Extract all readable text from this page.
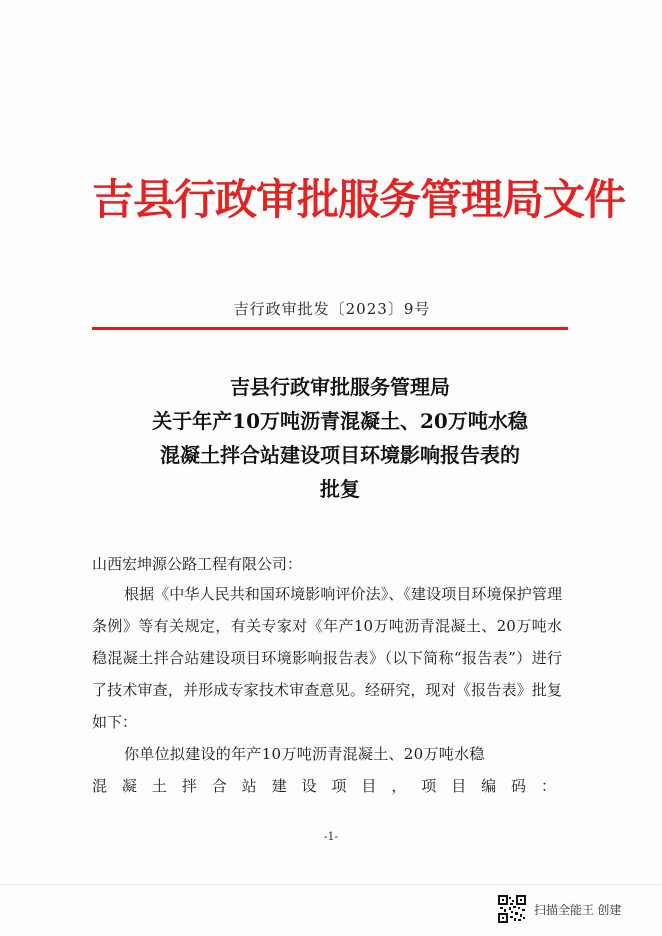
吉县行政审批服务管理局文件
吉行政审批发〔2023〕9号
吉县行政审批服务管理局
关于年产10万吨沥青混凝土、20万吨水稳
混凝土拌合站建设项目环境影响报告表的
批复
山西宏坤源公路工程有限公司：

根据《中华人民共和国环境影响评价法》、《建设项目环境保护管理条例》等有关规定，有关专家对《年产10万吨沥青混凝土、20万吨水稳混凝土拌合站建设项目环境影响报告表》（以下简称“报告表”）进行了技术审查，并形成专家技术审查意见。经研究，现对《报告表》批复如下：

你单位拟建设的年产10万吨沥青混凝土、20万吨水稳

混凝土拌合站建设项目，项目编码：

-1-
扫描全能王 创建
